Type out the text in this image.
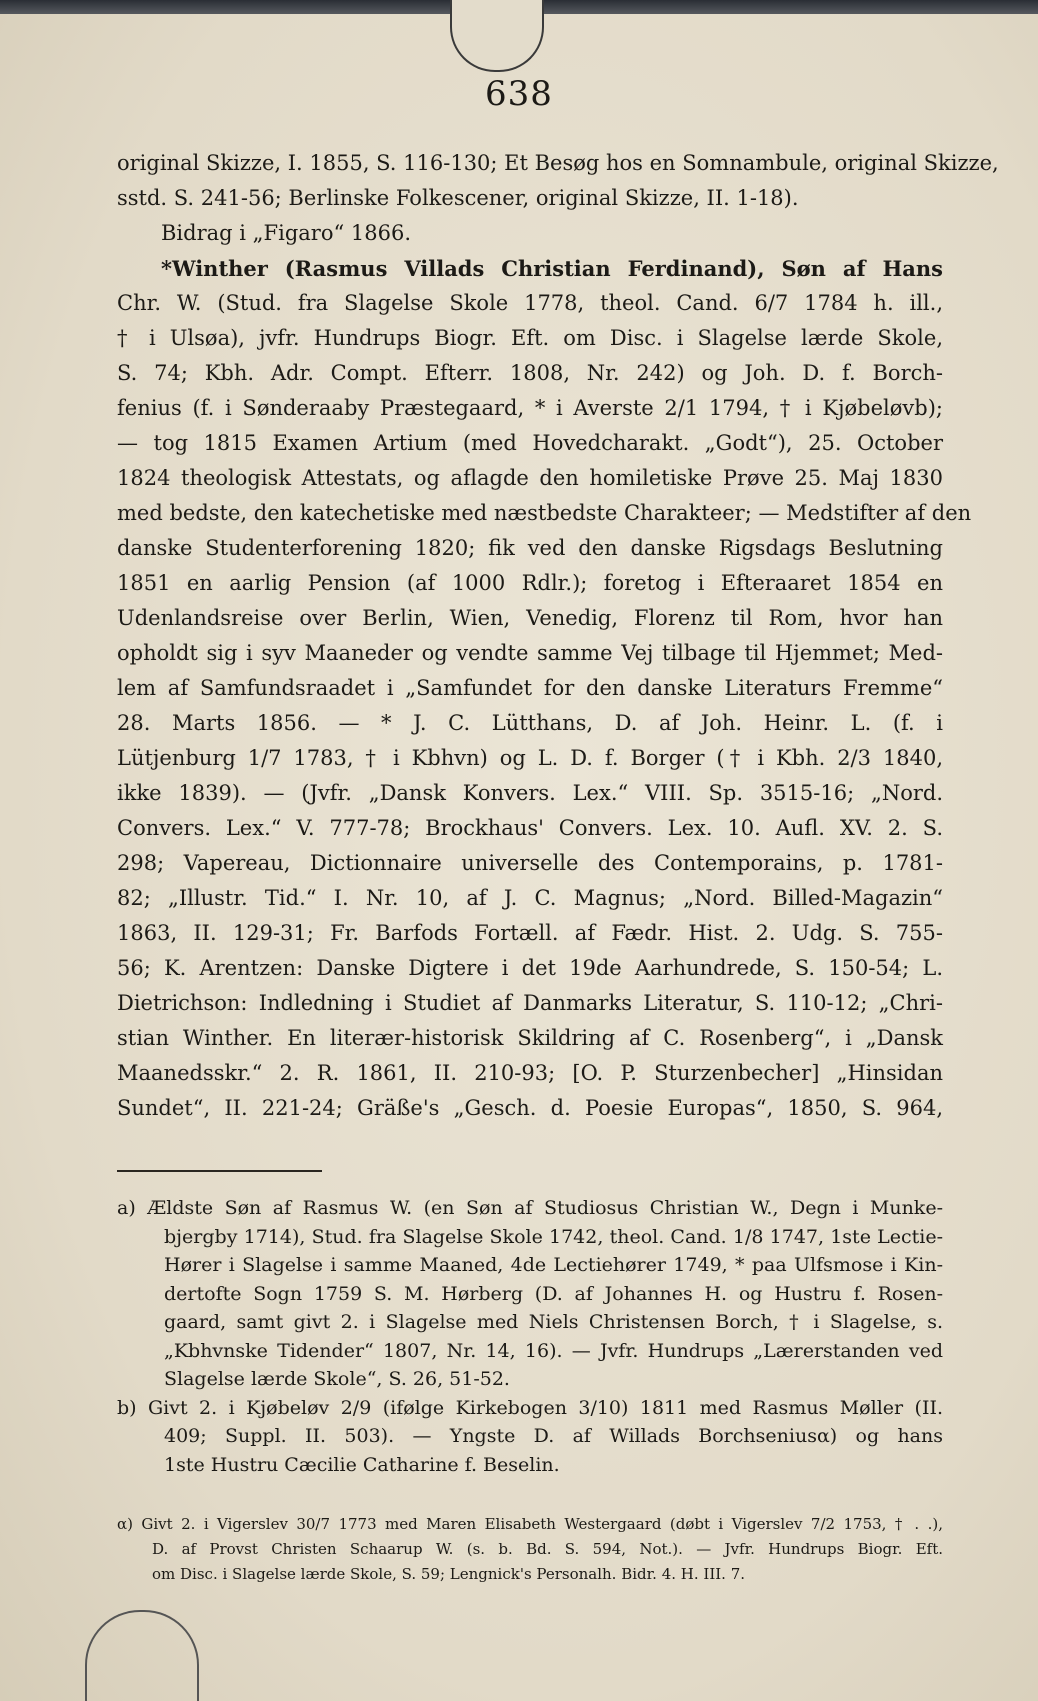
638
original Skizze, I. 1855, S. 116-130; Et Besøg hos en Somnambule, original Skizze,
sstd. S. 241-56; Berlinske Folkescener, original Skizze, II. 1-18).
Bidrag i „Figaro“ 1866.
*Winther (Rasmus Villads Christian Ferdinand), Søn af Hans
Chr. W. (Stud. fra Slagelse Skole 1778, theol. Cand. 6/7 1784 h. ill.,
† i Ulsøa), jvfr. Hundrups Biogr. Eft. om Disc. i Slagelse lærde Skole,
S. 74; Kbh. Adr. Compt. Efterr. 1808, Nr. 242) og Joh. D. f. Borch-
fenius (f. i Sønderaaby Præstegaard, * i Averste 2/1 1794, † i Kjøbeløvb);
— tog 1815 Examen Artium (med Hovedcharakt. „Godt“), 25. October
1824 theologisk Attestats, og aflagde den homiletiske Prøve 25. Maj 1830
med bedste, den katechetiske med næstbedste Charakteer; — Medstifter af den
danske Studenterforening 1820; fik ved den danske Rigsdags Beslutning
1851 en aarlig Pension (af 1000 Rdlr.); foretog i Efteraaret 1854 en
Udenlandsreise over Berlin, Wien, Venedig, Florenz til Rom, hvor han
opholdt sig i syv Maaneder og vendte samme Vej tilbage til Hjemmet; Med-
lem af Samfundsraadet i „Samfundet for den danske Literaturs Fremme“
28. Marts 1856. — * J. C. Lütthans, D. af Joh. Heinr. L. (f. i
Lütjenburg 1/7 1783, † i Kbhvn) og L. D. f. Borger († i Kbh. 2/3 1840,
ikke 1839). — (Jvfr. „Dansk Konvers. Lex.“ VIII. Sp. 3515-16; „Nord.
Convers. Lex.“ V. 777-78; Brockhaus' Convers. Lex. 10. Aufl. XV. 2. S.
298; Vapereau, Dictionnaire universelle des Contemporains, p. 1781-
82; „Illustr. Tid.“ I. Nr. 10, af J. C. Magnus; „Nord. Billed-Magazin“
1863, II. 129-31; Fr. Barfods Fortæll. af Fædr. Hist. 2. Udg. S. 755-
56; K. Arentzen: Danske Digtere i det 19de Aarhundrede, S. 150-54; L.
Dietrichson: Indledning i Studiet af Danmarks Literatur, S. 110-12; „Chri-
stian Winther. En literær-historisk Skildring af C. Rosenberg“, i „Dansk
Maanedsskr.“ 2. R. 1861, II. 210-93; [O. P. Sturzenbecher] „Hinsidan
Sundet“, II. 221-24; Gräße's „Gesch. d. Poesie Europas“, 1850, S. 964,
a) Ældste Søn af Rasmus W. (en Søn af Studiosus Christian W., Degn i Munke-
bjergby 1714), Stud. fra Slagelse Skole 1742, theol. Cand. 1/8 1747, 1ste Lectie-
Hører i Slagelse i samme Maaned, 4de Lectiehører 1749, * paa Ulfsmose i Kin-
dertofte Sogn 1759 S. M. Hørberg (D. af Johannes H. og Hustru f. Rosen-
gaard, samt givt 2. i Slagelse med Niels Christensen Borch, † i Slagelse, s.
„Kbhvnske Tidender“ 1807, Nr. 14, 16). — Jvfr. Hundrups „Lærerstanden ved
Slagelse lærde Skole“, S. 26, 51-52.
b) Givt 2. i Kjøbeløv 2/9 (ifølge Kirkebogen 3/10) 1811 med Rasmus Møller (II.
409; Suppl. II. 503). — Yngste D. af Willads Borchseniusα) og hans
1ste Hustru Cæcilie Catharine f. Beselin.
α) Givt 2. i Vigerslev 30/7 1773 med Maren Elisabeth Westergaard (døbt i Vigerslev 7/2 1753, † . .),
D. af Provst Christen Schaarup W. (s. b. Bd. S. 594, Not.). — Jvfr. Hundrups Biogr. Eft.
om Disc. i Slagelse lærde Skole, S. 59; Lengnick's Personalh. Bidr. 4. H. III. 7.
